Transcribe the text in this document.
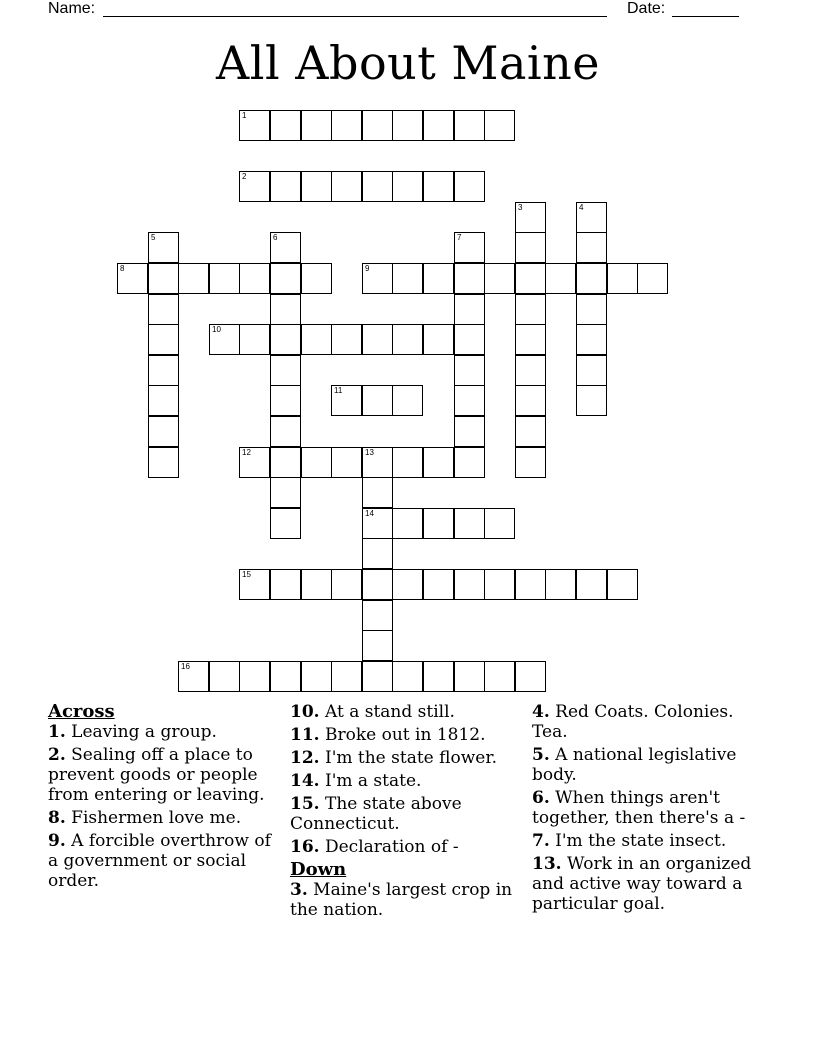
Name:	Date:
All About Maine
1
2
3	4
5	6	7
8	9
10
11
12	13
14
15
16
Across
1. Leaving a group.
2. Sealing off a place to prevent goods or people from entering or leaving.
8. Fishermen love me.
9. A forcible overthrow of a government or social order.
10. At a stand still.
11. Broke out in 1812.
12. I'm the state flower.
14. I'm a state.
15. The state above Connecticut.
16. Declaration of -
Down
3. Maine's largest crop in the nation.
4. Red Coats. Colonies. Tea.
5. A national legislative body.
6. When things aren't together, then there's a -
7. I'm the state insect.
13. Work in an organized and active way toward a particular goal.
